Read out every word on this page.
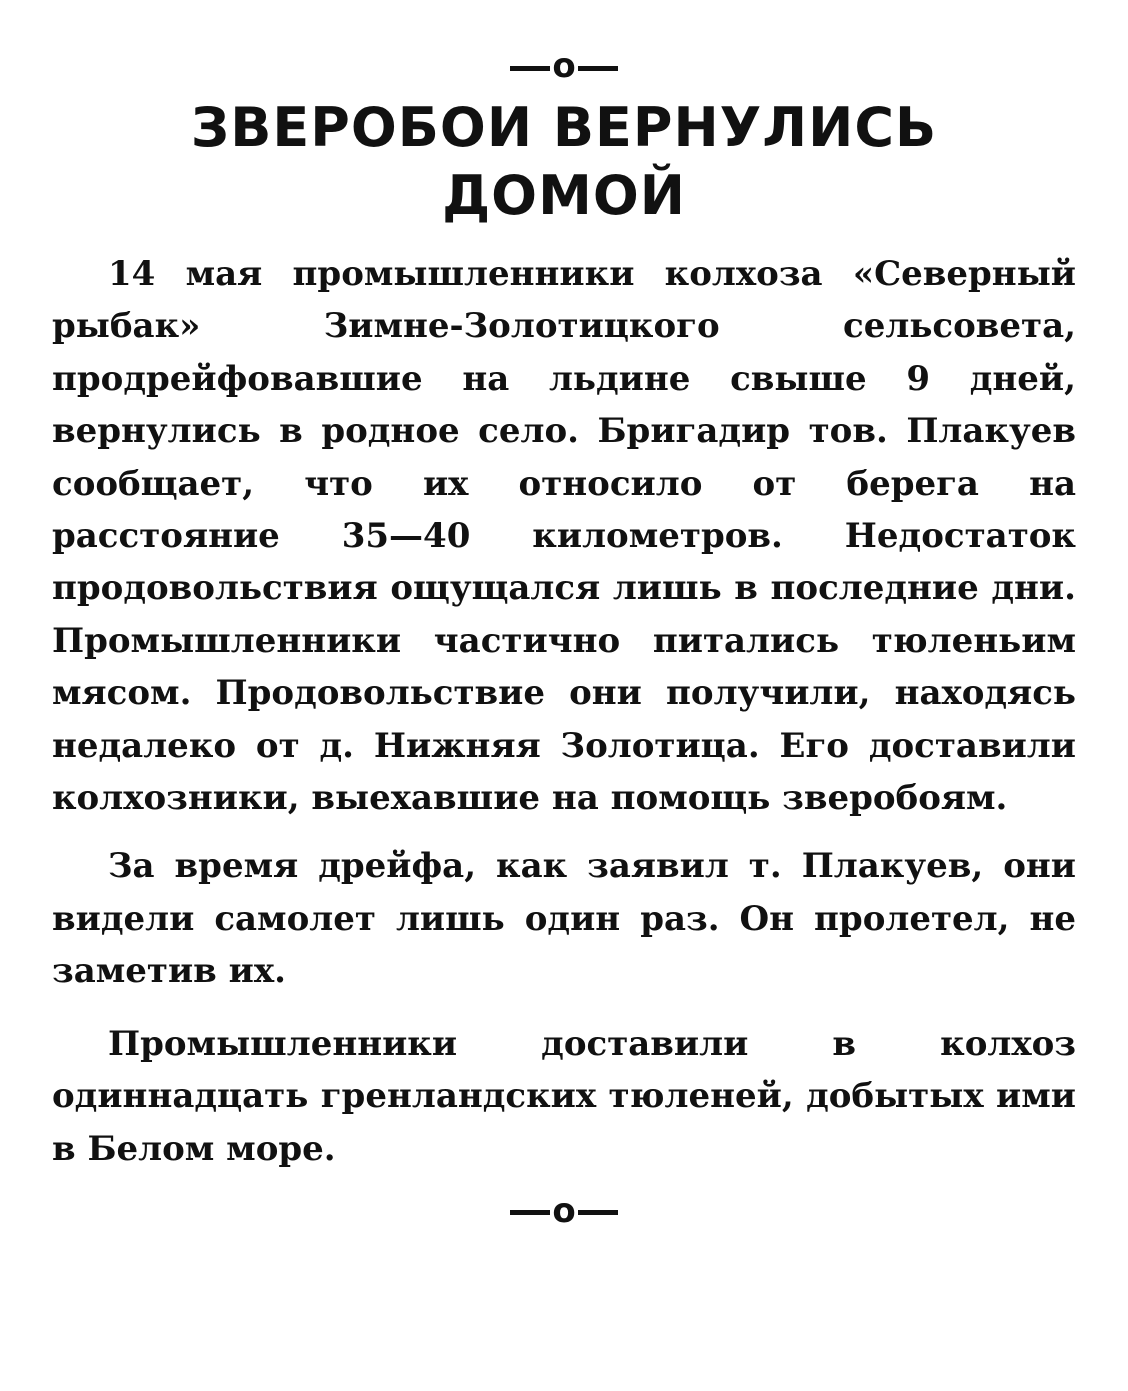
o
ЗВЕРОБОИ ВЕРНУЛИСЬ
ДОМОЙ

14 мая промышленники колхоза «Северный рыбак» Зимне-Золотицкого сельсовета, продрейфовавшие на льдине свыше 9 дней, вернулись в родное село. Бригадир тов. Плакуев сообщает, что их относило от берега на расстояние 35—40 километров. Недостаток продовольствия ощущался лишь в последние дни. Промышленники частично питались тюленьим мясом. Продовольствие они получили, находясь недалеко от д. Нижняя Золотица. Его доставили колхозники, выехавшие на помощь зверобоям.

За время дрейфа, как заявил т. Плакуев, они видели самолет лишь один раз. Он пролетел, не заметив их.

Промышленники доставили в колхоз одиннадцать гренландских тюленей, добытых ими в Белом море.

o
